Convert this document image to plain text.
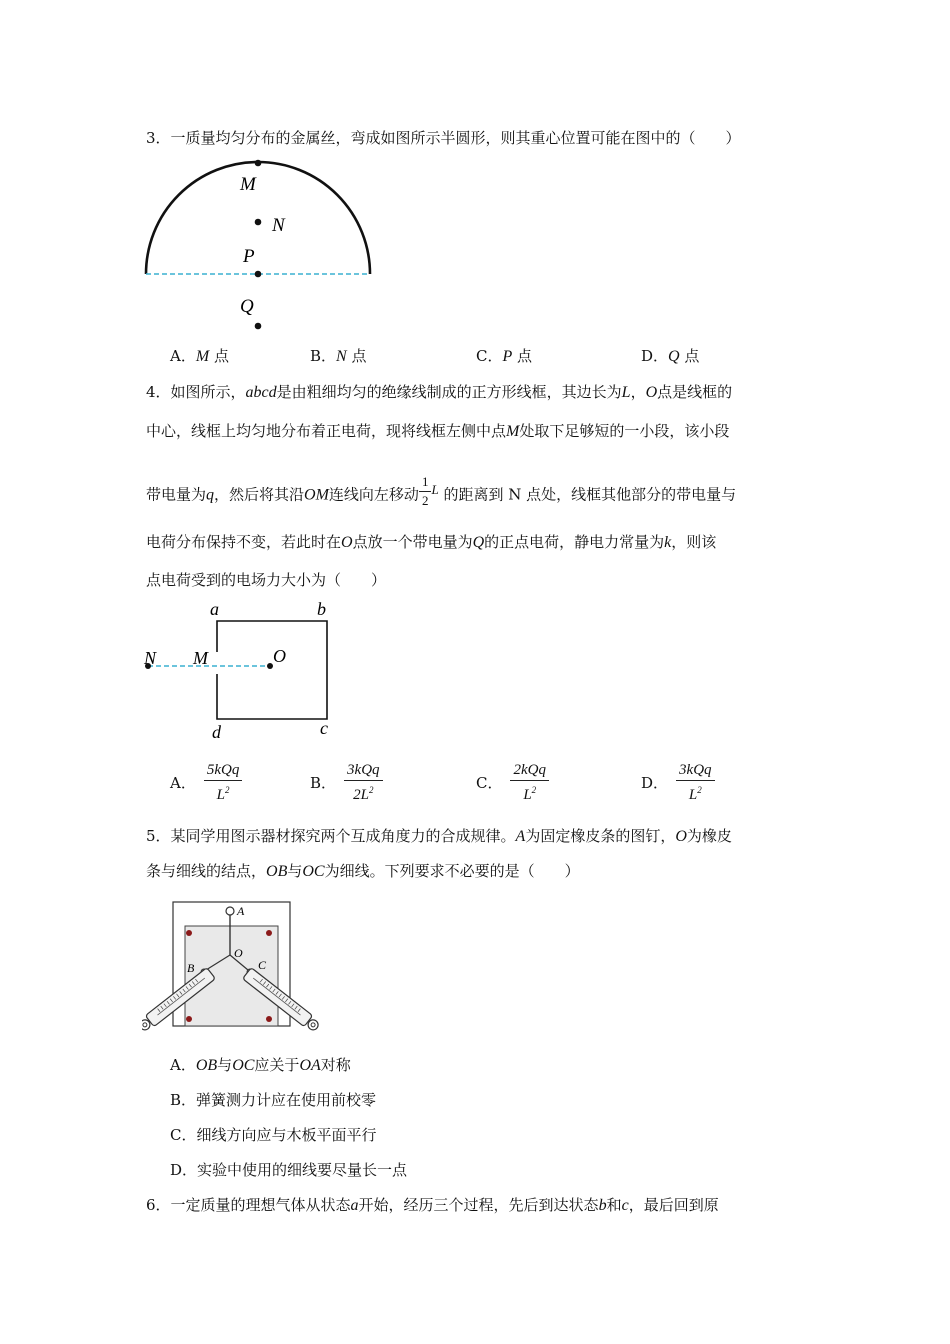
3．一质量均匀分布的金属丝，弯成如图所示半圆形，则其重心位置可能在图中的（　　）
M
N
P
Q
A．M 点	B．N 点	C．P 点	D．Q 点
4．如图所示，abcd是由粗细均匀的绝缘线制成的正方形线框，其边长为L，O点是线框的
中心，线框上均匀地分布着正电荷，现将线框左侧中点M处取下足够短的一小段，该小段
带电量为q，然后将其沿OM连线向左移动 $\frac{1}{2}$ L 的距离到 N 点处，线框其他部分的带电量与
电荷分布保持不变，若此时在O点放一个带电量为Q的正点电荷，静电力常量为k，则该
点电荷受到的电场力大小为（　　）
a	b
N M	O
d	c
A． $\frac{\text{5kQq}}{L^2}$	B． $\frac{\text{3kQq}}{2L^2}$	C． $\frac{\text{2kQq}}{L^2}$	D． $\frac{\text{3kQq}}{L^2}$
5．某同学用图示器材探究两个互成角度力的合成规律。A为固定橡皮条的图钉，O为橡皮
条与细线的结点，OB与OC为细线。下列要求不必要的是（　　）
A
O
B	C
A．OB与OC应关于OA对称
B．弹簧测力计应在使用前校零
C．细线方向应与木板平面平行
D．实验中使用的细线要尽量长一点
6．一定质量的理想气体从状态a开始，经历三个过程，先后到达状态b和c，最后回到原
